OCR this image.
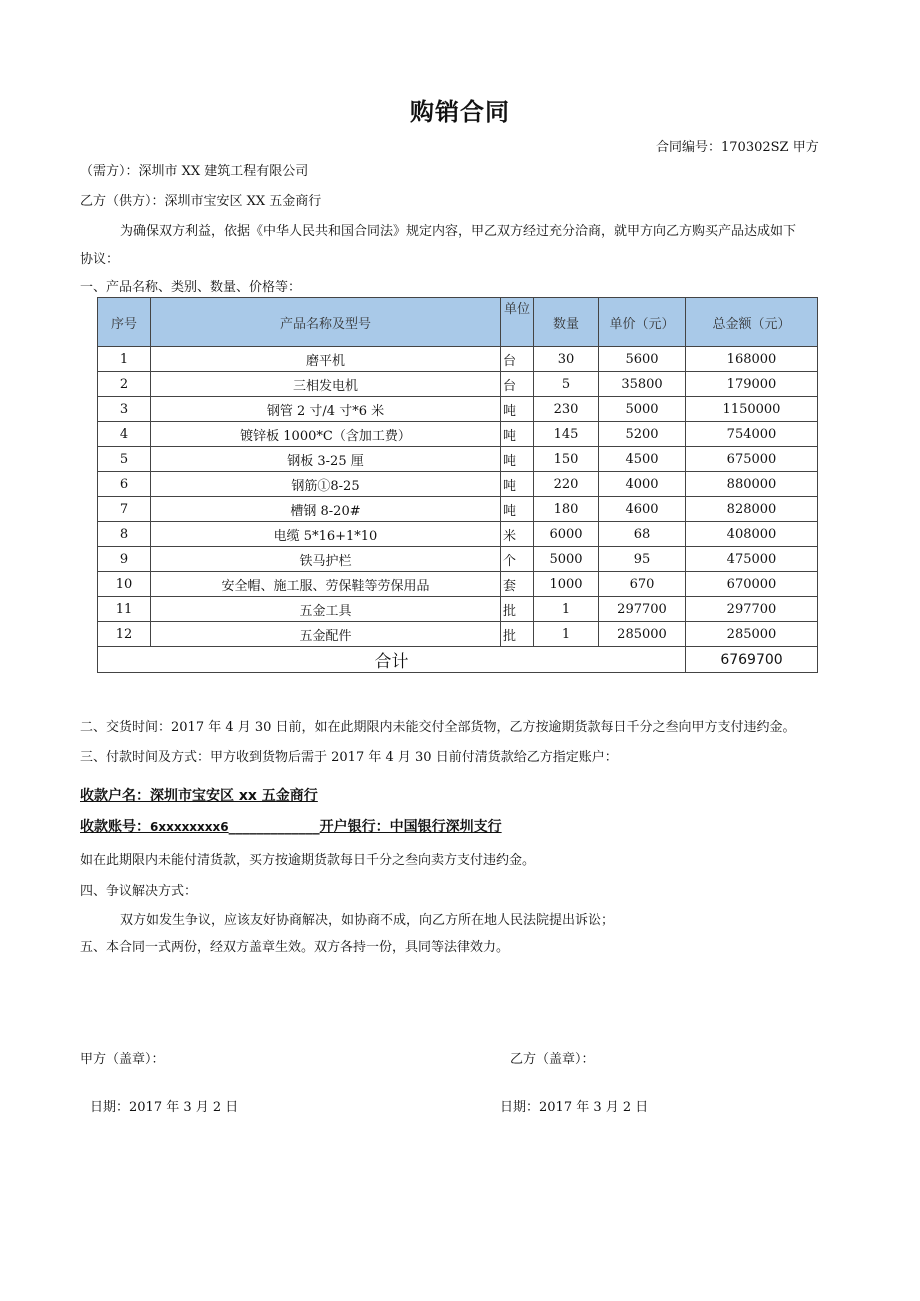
购销合同
合同编号：170302SZ 甲方
（需方）：深圳市 XX 建筑工程有限公司
乙方（供方）：深圳市宝安区 XX 五金商行
为确保双方利益，依据《中华人民共和国合同法》规定内容，甲乙双方经过充分洽商，就甲方向乙方购买产品达成如下
协议：
一、产品名称、类别、数量、价格等：
序号	产品名称及型号	单位	数量	单价（元）	总金额（元）
1	磨平机	台	30	5600	168000
2	三相发电机	台	5	35800	179000
3	钢管 2 寸/4 寸*6 米	吨	230	5000	1150000
4	镀锌板 1000*C（含加工费）	吨	145	5200	754000
5	钢板 3-25 厘	吨	150	4500	675000
6	钢筋①8-25	吨	220	4000	880000
7	槽钢 8-20#	吨	180	4600	828000
8	电缆 5*16+1*10	米	6000	68	408000
9	铁马护栏	个	5000	95	475000
10	安全帽、施工服、劳保鞋等劳保用品	套	1000	670	670000
11	五金工具	批	1	297700	297700
12	五金配件	批	1	285000	285000
合计					6769700
二、交货时间：2017 年 4 月 30 日前，如在此期限内未能交付全部货物，乙方按逾期货款每日千分之叁向甲方支付违约金。
三、付款时间及方式：甲方收到货物后需于 2017 年 4 月 30 日前付清货款给乙方指定账户：
收款户名：深圳市宝安区 xx 五金商行
收款账号：6xxxxxxxx6_____________开户银行：中国银行深圳支行
如在此期限内未能付清货款，买方按逾期货款每日千分之叁向卖方支付违约金。
四、争议解决方式：
双方如发生争议，应该友好协商解决，如协商不成，向乙方所在地人民法院提出诉讼；
五、本合同一式两份，经双方盖章生效。双方各持一份，具同等法律效力。
甲方（盖章）：	乙方（盖章）：
日期：2017 年 3 月 2 日	日期：2017 年 3 月 2 日
